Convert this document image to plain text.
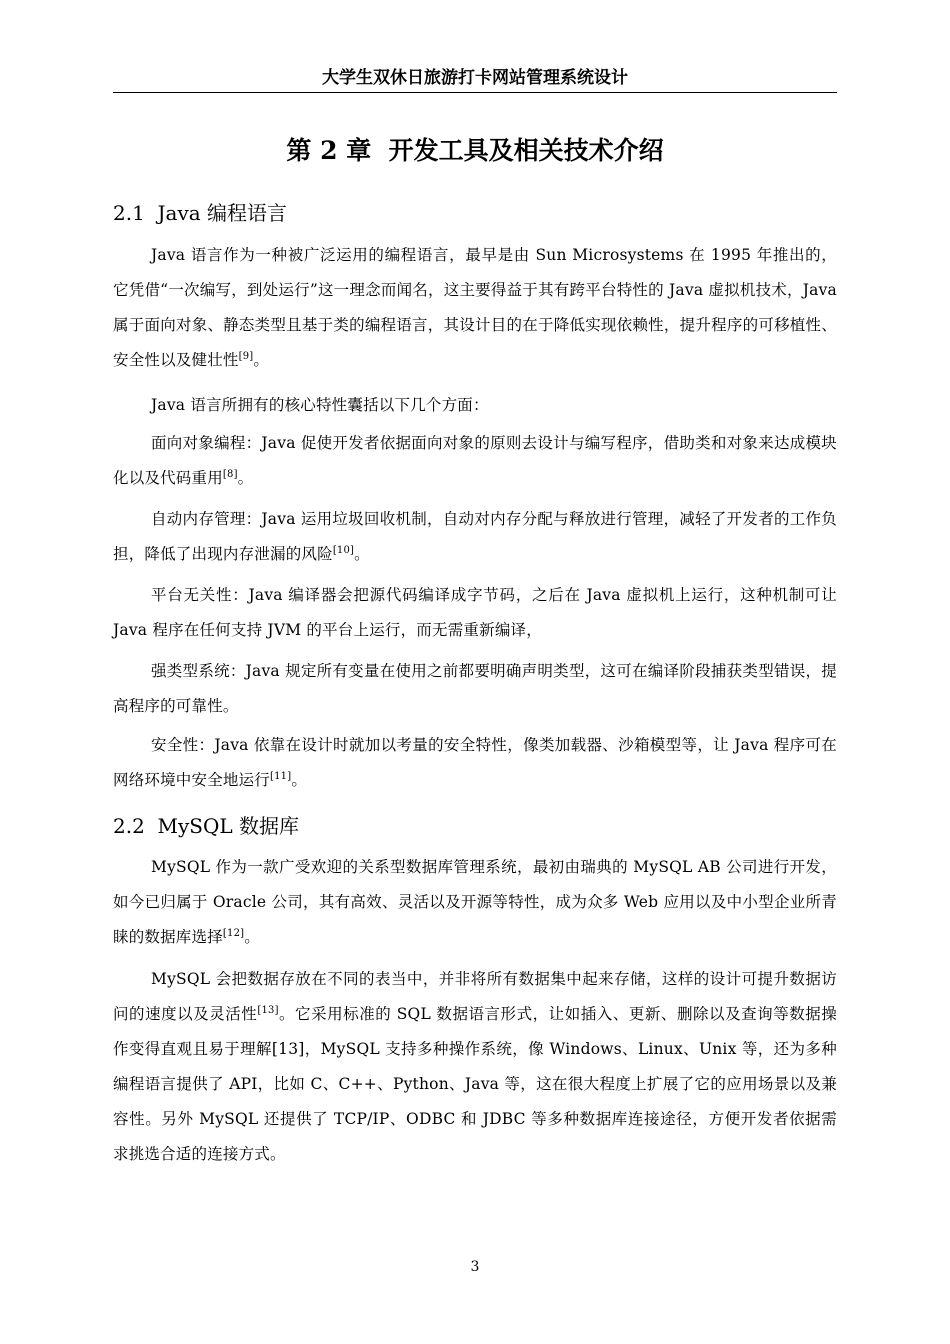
大学生双休日旅游打卡网站管理系统设计
第 2 章  开发工具及相关技术介绍
2.1  Java 编程语言

Java 语言作为一种被广泛运用的编程语言，最早是由 Sun Microsystems 在 1995 年推出的，它凭借“一次编写，到处运行”这一理念而闻名，这主要得益于其有跨平台特性的 Java 虚拟机技术，Java 属于面向对象、静态类型且基于类的编程语言，其设计目的在于降低实现依赖性，提升程序的可移植性、安全性以及健壮性[9]。

Java 语言所拥有的核心特性囊括以下几个方面：

面向对象编程：Java 促使开发者依据面向对象的原则去设计与编写程序，借助类和对象来达成模块化以及代码重用[8]。

自动内存管理：Java 运用垃圾回收机制，自动对内存分配与释放进行管理，减轻了开发者的工作负担，降低了出现内存泄漏的风险[10]。

平台无关性：Java 编译器会把源代码编译成字节码，之后在 Java 虚拟机上运行，这种机制可让 Java 程序在任何支持 JVM 的平台上运行，而无需重新编译，

强类型系统：Java 规定所有变量在使用之前都要明确声明类型，这可在编译阶段捕获类型错误，提高程序的可靠性。

安全性：Java 依靠在设计时就加以考量的安全特性，像类加载器、沙箱模型等，让 Java 程序可在网络环境中安全地运行[11]。

2.2  MySQL 数据库

MySQL 作为一款广受欢迎的关系型数据库管理系统，最初由瑞典的 MySQL AB 公司进行开发，如今已归属于 Oracle 公司，其有高效、灵活以及开源等特性，成为众多 Web 应用以及中小型企业所青睐的数据库选择[12]。

MySQL 会把数据存放在不同的表当中，并非将所有数据集中起来存储，这样的设计可提升数据访问的速度以及灵活性[13]。它采用标准的 SQL 数据语言形式，让如插入、更新、删除以及查询等数据操作变得直观且易于理解[13]，MySQL 支持多种操作系统，像 Windows、Linux、Unix 等，还为多种编程语言提供了 API，比如 C、C++、Python、Java 等，这在很大程度上扩展了它的应用场景以及兼容性。另外 MySQL 还提供了 TCP/IP、ODBC 和 JDBC 等多种数据库连接途径，方便开发者依据需求挑选合适的连接方式。

3
